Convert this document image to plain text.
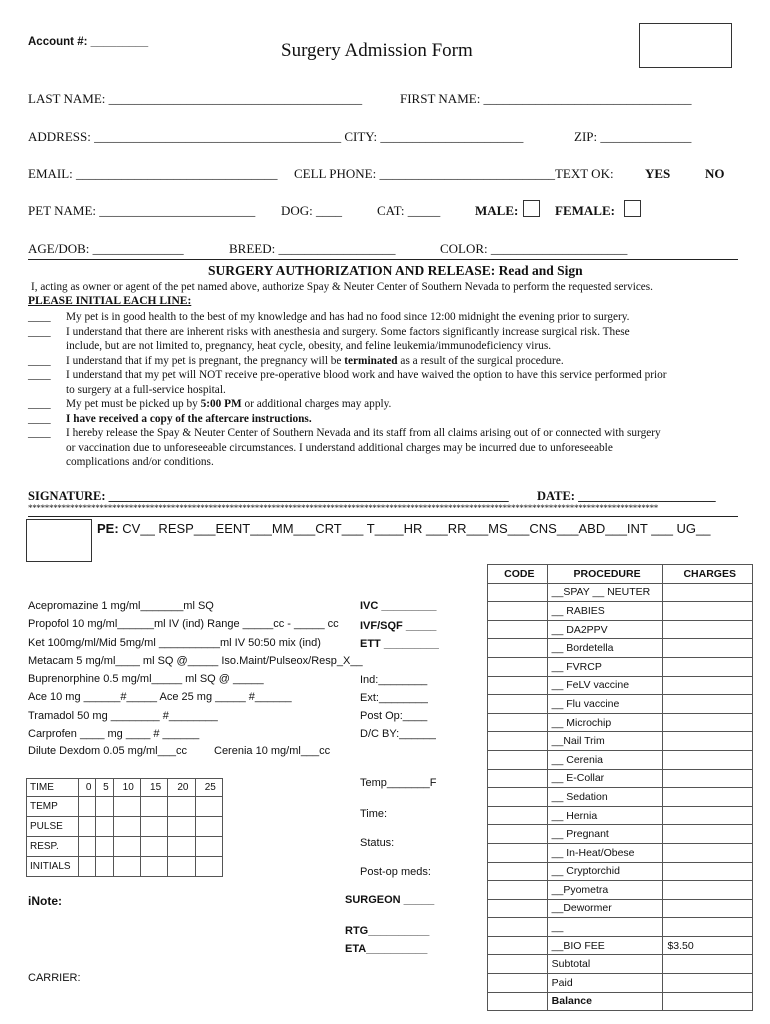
Account #: _________	Surgery Admission Form
LAST NAME: _______________________________________	FIRST NAME: ________________________________
ADDRESS: ______________________________________ CITY: ______________________	ZIP: ______________
EMAIL: _______________________________ CELL PHONE: ___________________________TEXT OK: YES	NO
PET NAME: ________________________ DOG: ____	CAT: _____	MALE:	FEMALE:
AGE/DOB: ______________	BREED: __________________	COLOR: _____________________
SURGERY AUTHORIZATION AND RELEASE: Read and Sign
I, acting as owner or agent of the pet named above, authorize Spay & Neuter Center of Southern Nevada to perform the requested services.
PLEASE INITIAL EACH LINE:
____	My pet is in good health to the best of my knowledge and has had no food since 12:00 midnight the evening prior to surgery.
____	I understand that there are inherent risks with anesthesia and surgery. Some factors significantly increase surgical risk. These
include, but are not limited to, pregnancy, heat cycle, obesity, and feline leukemia/immunodeficiency virus.
____	I understand that if my pet is pregnant, the pregnancy will be terminated as a result of the surgical procedure.
____	I understand that my pet will NOT receive pre-operative blood work and have waived the option to have this service performed prior
to surgery at a full-service hospital.
____	My pet must be picked up by 5:00 PM or additional charges may apply.
____	I have received a copy of the aftercare instructions.
____	I hereby release the Spay & Neuter Center of Southern Nevada and its staff from all claims arising out of or connected with surgery
or vaccination due to unforeseeable circumstances. I understand additional charges may be incurred due to unforeseeable
complications and/or conditions.
SIGNATURE: ________________________________________________________________ DATE: ______________________
******************************************************************************************************************************************************
PE: CV__ RESP___EENT___MM___CRT___ T____HR ___RR___MS___CNS___ABD___INT ___ UG__
Acepromazine 1 mg/ml_______ml SQ
Propofol 10 mg/ml______ml IV (ind) Range _____cc - _____ cc
Ket 100mg/ml/Mid 5mg/ml __________ml IV 50:50 mix (ind)
Metacam 5 mg/ml____ ml SQ @_____ Iso.Maint/Pulseox/Resp_X__
Buprenorphine 0.5 mg/ml_____ ml SQ @ _____
Ace 10 mg ______#_____ Ace 25 mg _____ #______
Tramadol 50 mg ________ #________
Carprofen ____ mg ____ # ______
Dilute Dexdom 0.05 mg/ml___cc Cerenia 10 mg/ml___cc
IVC _________
IVF/SQF _____
ETT _________
Ind:________
Ext:________
Post Op:____
D/C BY:______
Temp_______F
Time:
Status:
Post-op meds:
SURGEON _____
RTG__________
ETA__________
TIME	0	5	10	15	20	25
TEMP						
PULSE						
RESP.						
INITIALS						
iNote:
CARRIER:
CODE	PROCEDURE	CHARGES
	__SPAY __ NEUTER	
	__ RABIES	
	__ DA2PPV	
	__ Bordetella	
	__ FVRCP	
	__ FeLV vaccine	
	__ Flu vaccine	
	__ Microchip	
	__Nail Trim	
	__ Cerenia	
	__ E-Collar	
	__ Sedation	
	__ Hernia	
	__ Pregnant	
	__ In-Heat/Obese	
	__ Cryptorchid	
	__Pyometra	
	__Dewormer	
	__	
	__BIO FEE	$3.50
	Subtotal	
	Paid	
	Balance	
